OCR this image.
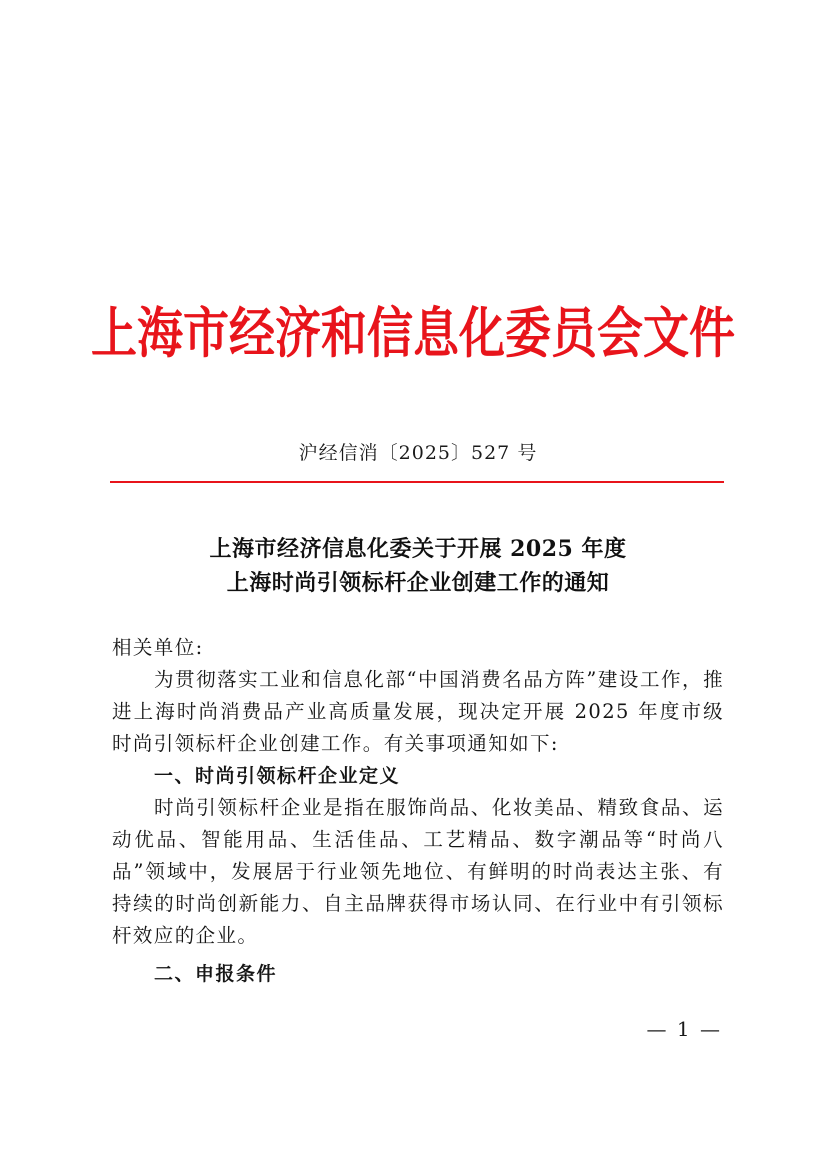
上海市经济和信息化委员会文件
沪经信消〔2025〕527 号
上海市经济信息化委关于开展 2025 年度
上海时尚引领标杆企业创建工作的通知

相关单位:

为贯彻落实工业和信息化部“中国消费名品方阵”建设工作，推进上海时尚消费品产业高质量发展，现决定开展 2025 年度市级时尚引领标杆企业创建工作。有关事项通知如下:

一、时尚引领标杆企业定义

时尚引领标杆企业是指在服饰尚品、化妆美品、精致食品、运动优品、智能用品、生活佳品、工艺精品、数字潮品等“时尚八品”领域中，发展居于行业领先地位、有鲜明的时尚表达主张、有持续的时尚创新能力、自主品牌获得市场认同、在行业中有引领标杆效应的企业。

二、申报条件

— 1 —
